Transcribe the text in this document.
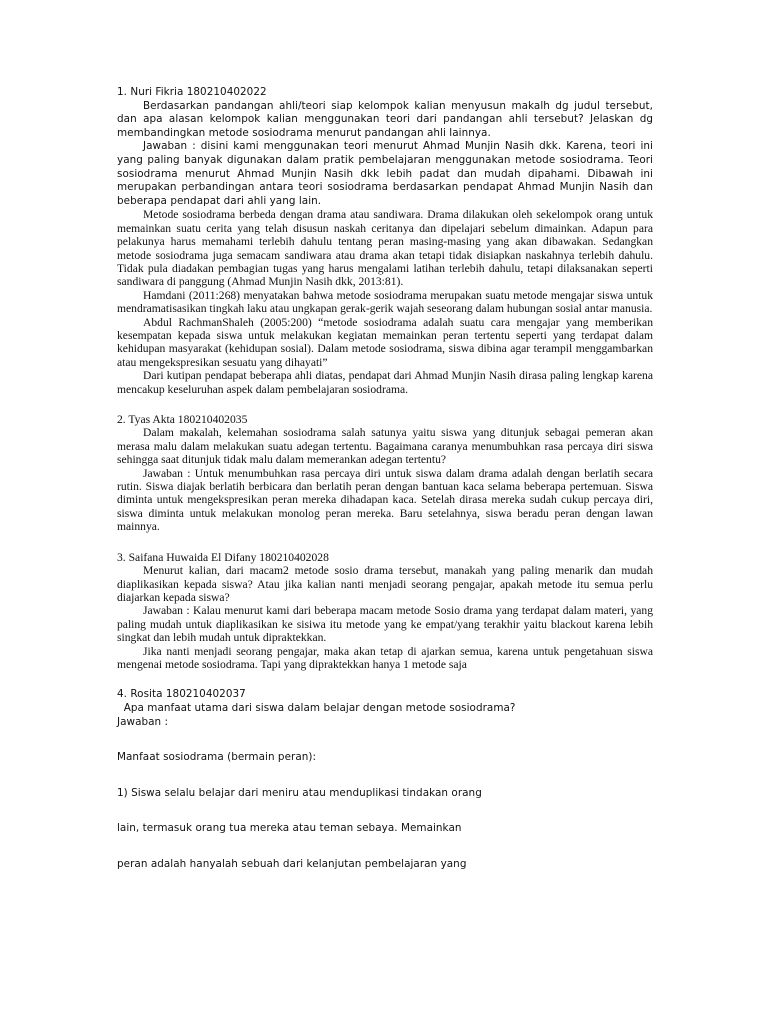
1. Nuri Fikria 180210402022

Berdasarkan pandangan ahli/teori siap kelompok kalian menyusun makalh dg judul tersebut, dan apa alasan kelompok kalian menggunakan teori dari pandangan ahli tersebut? Jelaskan dg membandingkan metode sosiodrama menurut pandangan ahli lainnya.

Jawaban : disini kami menggunakan teori menurut Ahmad Munjin Nasih dkk. Karena, teori ini yang paling banyak digunakan dalam pratik pembelajaran menggunakan metode sosiodrama. Teori sosiodrama menurut Ahmad Munjin Nasih dkk lebih padat dan mudah dipahami. Dibawah ini merupakan perbandingan antara teori sosiodrama berdasarkan pendapat Ahmad Munjin Nasih dan beberapa pendapat dari ahli yang lain.

Metode sosiodrama berbeda dengan drama atau sandiwara. Drama dilakukan oleh sekelompok orang untuk memainkan suatu cerita yang telah disusun naskah ceritanya dan dipelajari sebelum dimainkan. Adapun para pelakunya harus memahami terlebih dahulu tentang peran masing-masing yang akan dibawakan. Sedangkan metode sosiodrama juga semacam sandiwara atau drama akan tetapi tidak disiapkan naskahnya terlebih dahulu. Tidak pula diadakan pembagian tugas yang harus mengalami latihan terlebih dahulu, tetapi dilaksanakan seperti sandiwara di panggung (Ahmad Munjin Nasih dkk, 2013:81).

Hamdani (2011:268) menyatakan bahwa metode sosiodrama merupakan suatu metode mengajar siswa untuk mendramatisasikan tingkah laku atau ungkapan gerak-gerik wajah seseorang dalam hubungan sosial antar manusia.

Abdul RachmanShaleh (2005:200) “metode sosiodrama adalah suatu cara mengajar yang memberikan kesempatan kepada siswa untuk melakukan kegiatan memainkan peran tertentu seperti yang terdapat dalam kehidupan masyarakat (kehidupan sosial). Dalam metode sosiodrama, siswa dibina agar terampil menggambarkan atau mengekspresikan sesuatu yang dihayati”

Dari kutipan pendapat beberapa ahli diatas, pendapat dari Ahmad Munjin Nasih dirasa paling lengkap karena mencakup keseluruhan aspek dalam pembelajaran sosiodrama.

2. Tyas Akta 180210402035

Dalam makalah, kelemahan sosiodrama salah satunya yaitu siswa yang ditunjuk sebagai pemeran akan merasa malu dalam melakukan suatu adegan tertentu. Bagaimana caranya menumbuhkan rasa percaya diri siswa sehingga saat ditunjuk tidak malu dalam memerankan adegan tertentu?

Jawaban : Untuk menumbuhkan rasa percaya diri untuk siswa dalam drama adalah dengan berlatih secara rutin. Siswa diajak berlatih berbicara dan berlatih peran dengan bantuan kaca selama beberapa pertemuan. Siswa diminta untuk mengekspresikan peran mereka dihadapan kaca. Setelah dirasa mereka sudah cukup percaya diri, siswa diminta untuk melakukan monolog peran mereka. Baru setelahnya, siswa beradu peran dengan lawan mainnya.

3. Saifana Huwaida El Difany 180210402028

Menurut kalian, dari macam2 metode sosio drama tersebut, manakah yang paling menarik dan mudah diaplikasikan kepada siswa? Atau jika kalian nanti menjadi seorang pengajar, apakah metode itu semua perlu diajarkan kepada siswa?

Jawaban : Kalau menurut kami dari beberapa macam metode Sosio drama yang terdapat dalam materi, yang paling mudah untuk diaplikasikan ke sisiwa itu metode yang ke empat/yang terakhir yaitu blackout karena lebih singkat dan lebih mudah untuk dipraktekkan.

Jika nanti menjadi seorang pengajar, maka akan tetap di ajarkan semua, karena untuk pengetahuan siswa mengenai metode sosiodrama. Tapi yang dipraktekkan hanya 1 metode saja

4. Rosita 180210402037

Apa manfaat utama dari siswa dalam belajar dengan metode sosiodrama?

Jawaban :

Manfaat sosiodrama (bermain peran):

1) Siswa selalu belajar dari meniru atau menduplikasi tindakan orang

lain, termasuk orang tua mereka atau teman sebaya. Memainkan

peran adalah hanyalah sebuah dari kelanjutan pembelajaran yang
